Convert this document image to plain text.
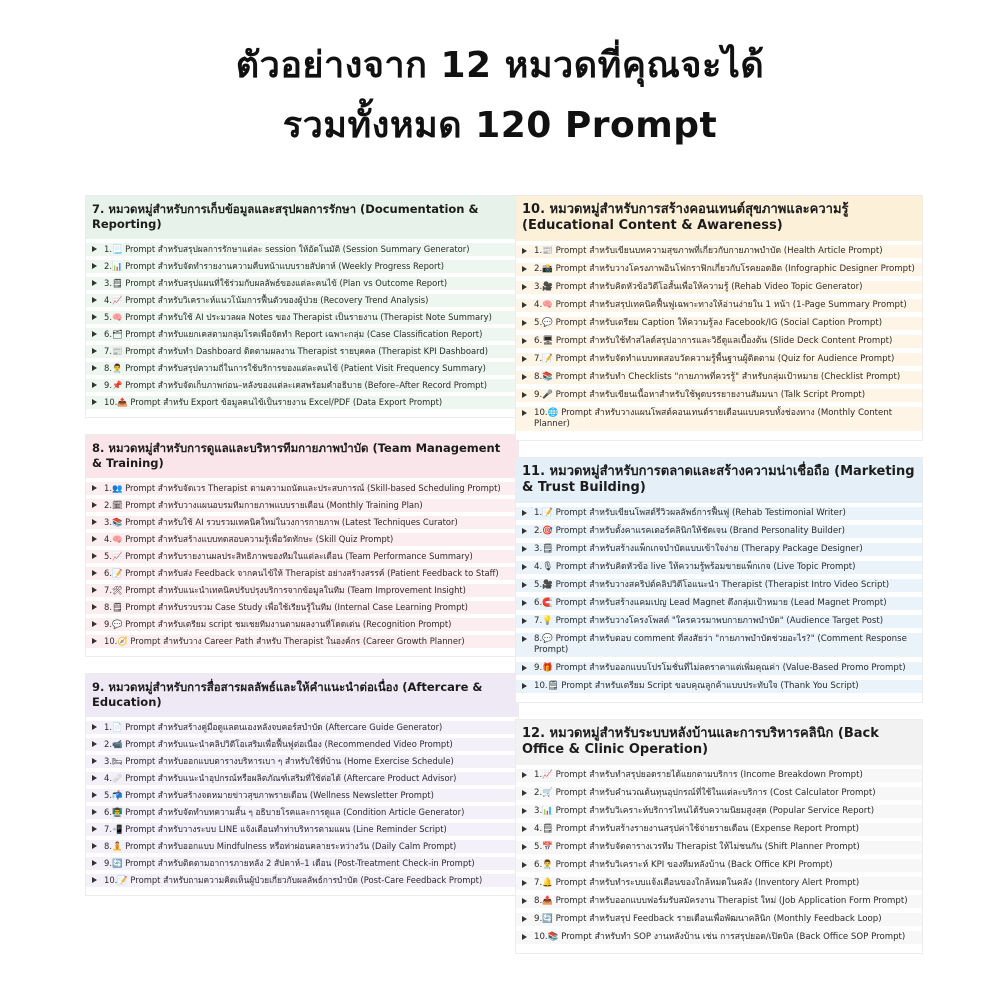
ตัวอย่างจาก 12 หมวดที่คุณจะได้
รวมทั้งหมด 120 Prompt
7. หมวดหมู่สำหรับการเก็บข้อมูลและสรุปผลการรักษา (Documentation & Reporting)
1.📃 Prompt สำหรับสรุปผลการรักษาแต่ละ session ให้อัตโนมัติ (Session Summary Generator)
2.📊 Prompt สำหรับจัดทำรายงานความคืบหน้าแบบรายสัปดาห์ (Weekly Progress Report)
3.🗒 Prompt สำหรับสรุปแผนที่ใช้ร่วมกับผลลัพธ์ของแต่ละคนไข้ (Plan vs Outcome Report)
4.📈 Prompt สำหรับวิเคราะห์แนวโน้มการฟื้นตัวของผู้ป่วย (Recovery Trend Analysis)
5.🧠 Prompt สำหรับใช้ AI ประมวลผล Notes ของ Therapist เป็นรายงาน (Therapist Note Summary)
6.🗂 Prompt สำหรับแยกเคสตามกลุ่มโรคเพื่อจัดทำ Report เฉพาะกลุ่ม (Case Classification Report)
7.📰 Prompt สำหรับทำ Dashboard ติดตามผลงาน Therapist รายบุคคล (Therapist KPI Dashboard)
8.👨‍⚕️ Prompt สำหรับสรุปความถี่ในการใช้บริการของแต่ละคนไข้ (Patient Visit Frequency Summary)
9.📌 Prompt สำหรับจัดเก็บภาพก่อน–หลังของแต่ละเคสพร้อมคำอธิบาย (Before–After Record Prompt)
10.📤 Prompt สำหรับ Export ข้อมูลคนไข้เป็นรายงาน Excel/PDF (Data Export Prompt)
8. หมวดหมู่สำหรับการดูแลและบริหารทีมกายภาพบำบัด (Team Management & Training)
1.👥 Prompt สำหรับจัดเวร Therapist ตามความถนัดและประสบการณ์ (Skill-based Scheduling Prompt)
2.🗓 Prompt สำหรับวางแผนอบรมทีมกายภาพแบบรายเดือน (Monthly Training Plan)
3.📚 Prompt สำหรับใช้ AI รวบรวมเทคนิคใหม่ในวงการกายภาพ (Latest Techniques Curator)
4.🧠 Prompt สำหรับสร้างแบบทดสอบความรู้เพื่อวัดทักษะ (Skill Quiz Prompt)
5.📈 Prompt สำหรับรายงานผลประสิทธิภาพของทีมในแต่ละเดือน (Team Performance Summary)
6.📝 Prompt สำหรับส่ง Feedback จากคนไข้ให้ Therapist อย่างสร้างสรรค์ (Patient Feedback to Staff)
7.🛠 Prompt สำหรับแนะนำเทคนิคปรับปรุงบริการจากข้อมูลในทีม (Team Improvement Insight)
8.🗒 Prompt สำหรับรวบรวม Case Study เพื่อใช้เรียนรู้ในทีม (Internal Case Learning Prompt)
9.💬 Prompt สำหรับเตรียม script ชมเชยทีมงานตามผลงานที่โดดเด่น (Recognition Prompt)
10.🧭 Prompt สำหรับวาง Career Path สำหรับ Therapist ในองค์กร (Career Growth Planner)
9. หมวดหมู่สำหรับการสื่อสารผลลัพธ์และให้คำแนะนำต่อเนื่อง (Aftercare & Education)
1.📄 Prompt สำหรับสร้างคู่มือดูแลตนเองหลังจบคอร์สบำบัด (Aftercare Guide Generator)
2.📹 Prompt สำหรับแนะนำคลิปวิดีโอเสริมเพื่อฟื้นฟูต่อเนื่อง (Recommended Video Prompt)
3.🛏 Prompt สำหรับออกแบบตารางบริหารเบา ๆ สำหรับใช้ที่บ้าน (Home Exercise Schedule)
4.🩹 Prompt สำหรับแนะนำอุปกรณ์หรือผลิตภัณฑ์เสริมที่ใช้ต่อได้ (Aftercare Product Advisor)
5.📬 Prompt สำหรับสร้างจดหมายข่าวสุขภาพรายเดือน (Wellness Newsletter Prompt)
6.👨‍🏫 Prompt สำหรับจัดทำบทความสั้น ๆ อธิบายโรคและการดูแล (Condition Article Generator)
7.📲 Prompt สำหรับวางระบบ LINE แจ้งเตือนทำท่าบริหารตามแผน (Line Reminder Script)
8.🧘 Prompt สำหรับออกแบบ Mindfulness หรือท่าผ่อนคลายระหว่างวัน (Daily Calm Prompt)
9.🔄 Prompt สำหรับติดตามอาการภายหลัง 2 สัปดาห์–1 เดือน (Post-Treatment Check-in Prompt)
10.📝 Prompt สำหรับถามความคิดเห็นผู้ป่วยเกี่ยวกับผลลัพธ์การบำบัด (Post-Care Feedback Prompt)
10. หมวดหมู่สำหรับการสร้างคอนเทนต์สุขภาพและความรู้ (Educational Content & Awareness)
1.📰 Prompt สำหรับเขียนบทความสุขภาพที่เกี่ยวกับกายภาพบำบัด (Health Article Prompt)
2.📸 Prompt สำหรับวางโครงภาพอินโฟกราฟิกเกี่ยวกับโรคยอดฮิต (Infographic Designer Prompt)
3.🎥 Prompt สำหรับคิดหัวข้อวิดีโอสั้นเพื่อให้ความรู้ (Rehab Video Topic Generator)
4.🧠 Prompt สำหรับสรุปเทคนิคฟื้นฟูเฉพาะทางให้อ่านง่ายใน 1 หน้า (1-Page Summary Prompt)
5.💬 Prompt สำหรับเตรียม Caption ให้ความรู้ลง Facebook/IG (Social Caption Prompt)
6.🖥 Prompt สำหรับใช้ทำสไลด์สรุปอาการและวิธีดูแลเบื้องต้น (Slide Deck Content Prompt)
7.📝 Prompt สำหรับจัดทำแบบทดสอบวัดความรู้พื้นฐานผู้ติดตาม (Quiz for Audience Prompt)
8.📚 Prompt สำหรับทำ Checklists "กายภาพที่ควรรู้" สำหรับกลุ่มเป้าหมาย (Checklist Prompt)
9.🎤 Prompt สำหรับเขียนเนื้อหาสำหรับใช้พูดบรรยายงานสัมมนา (Talk Script Prompt)
10.🌐 Prompt สำหรับวางแผนโพสต์คอนเทนต์รายเดือนแบบครบทั้งช่องทาง (Monthly Content Planner)
11. หมวดหมู่สำหรับการตลาดและสร้างความน่าเชื่อถือ (Marketing & Trust Building)
1.📝 Prompt สำหรับเขียนโพสต์รีวิวผลลัพธ์การฟื้นฟู (Rehab Testimonial Writer)
2.🎯 Prompt สำหรับตั้งคาแรคเตอร์คลินิกให้ชัดเจน (Brand Personality Builder)
3.🗒 Prompt สำหรับสร้างแพ็กเกจบำบัดแบบเข้าใจง่าย (Therapy Package Designer)
4.🎙 Prompt สำหรับคิดหัวข้อ live ให้ความรู้พร้อมขายแพ็กเกจ (Live Topic Prompt)
5.🎥 Prompt สำหรับวางสคริปต์คลิปวิดีโอแนะนำ Therapist (Therapist Intro Video Script)
6.🧲 Prompt สำหรับสร้างแคมเปญ Lead Magnet ดึงกลุ่มเป้าหมาย (Lead Magnet Prompt)
7.💡 Prompt สำหรับวางโครงโพสต์ "ใครควรมาพบกายภาพบำบัด" (Audience Target Post)
8.💬 Prompt สำหรับตอบ comment ที่สงสัยว่า "กายภาพบำบัดช่วยอะไร?" (Comment Response Prompt)
9.🎁 Prompt สำหรับออกแบบโปรโมชั่นที่ไม่ลดราคาแต่เพิ่มคุณค่า (Value-Based Promo Prompt)
10.🗒 Prompt สำหรับเตรียม Script ขอบคุณลูกค้าแบบประทับใจ (Thank You Script)
12. หมวดหมู่สำหรับระบบหลังบ้านและการบริหารคลินิก (Back Office & Clinic Operation)
1.📈 Prompt สำหรับทำสรุปยอดรายได้แยกตามบริการ (Income Breakdown Prompt)
2.🛒 Prompt สำหรับคำนวณต้นทุนอุปกรณ์ที่ใช้ในแต่ละบริการ (Cost Calculator Prompt)
3.📊 Prompt สำหรับวิเคราะห์บริการไหนได้รับความนิยมสูงสุด (Popular Service Report)
4.🗒 Prompt สำหรับสร้างรายงานสรุปค่าใช้จ่ายรายเดือน (Expense Report Prompt)
5.📅 Prompt สำหรับจัดตารางเวรทีม Therapist ให้ไม่ชนกัน (Shift Planner Prompt)
6.👨‍⚕️ Prompt สำหรับวิเคราะห์ KPI ของทีมหลังบ้าน (Back Office KPI Prompt)
7.🔔 Prompt สำหรับทำระบบแจ้งเตือนของใกล้หมดในคลัง (Inventory Alert Prompt)
8.📤 Prompt สำหรับออกแบบฟอร์มรับสมัครงาน Therapist ใหม่ (Job Application Form Prompt)
9.🔄 Prompt สำหรับสรุป Feedback รายเดือนเพื่อพัฒนาคลินิก (Monthly Feedback Loop)
10.📚 Prompt สำหรับทำ SOP งานหลังบ้าน เช่น การสรุปยอด/เปิดบิล (Back Office SOP Prompt)
